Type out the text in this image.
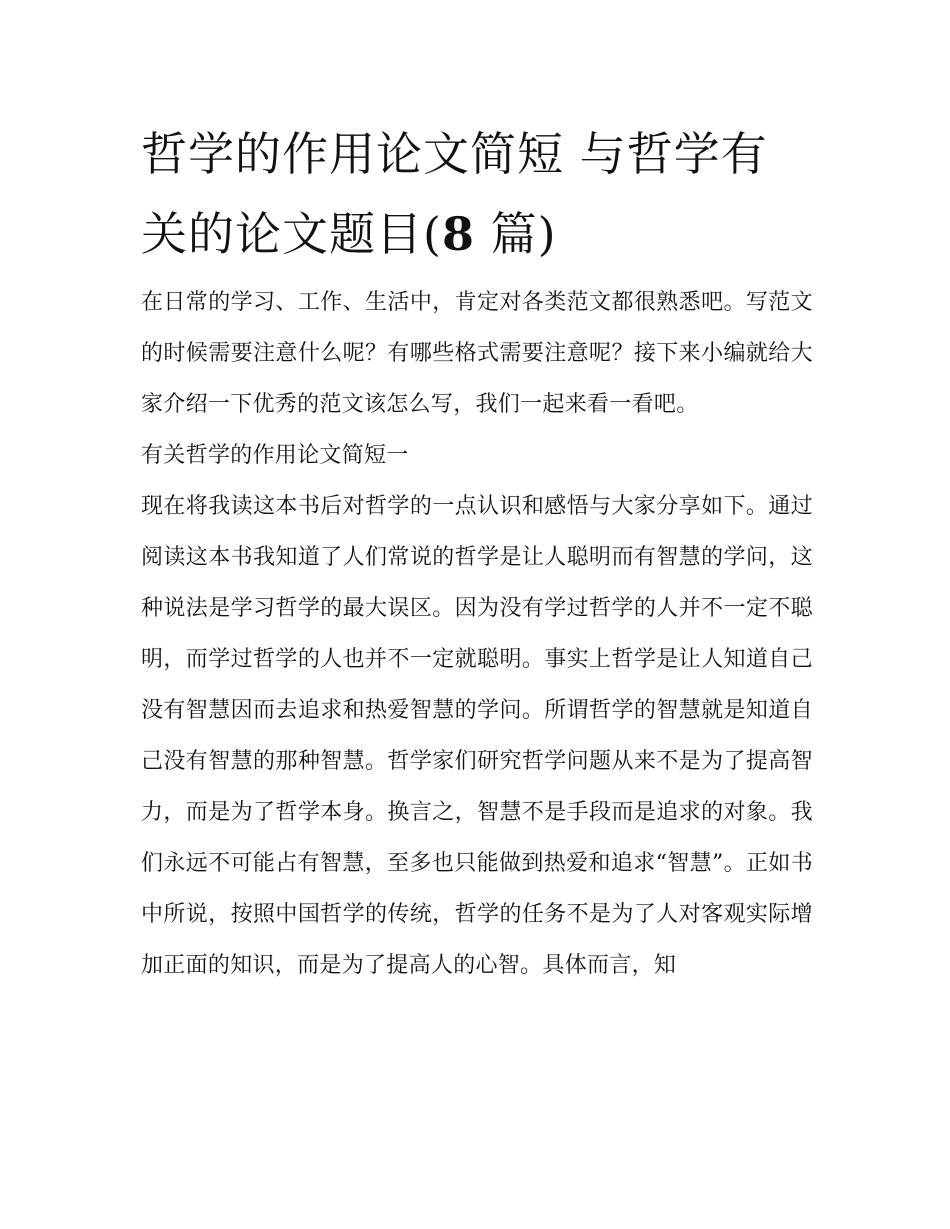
哲学的作用论文简短 与哲学有
关的论文题目(8 篇)

在日常的学习、工作、生活中，肯定对各类范文都很熟悉吧。写范文的时候需要注意什么呢？有哪些格式需要注意呢？接下来小编就给大家介绍一下优秀的范文该怎么写，我们一起来看一看吧。

有关哲学的作用论文简短一

现在将我读这本书后对哲学的一点认识和感悟与大家分享如下。通过阅读这本书我知道了人们常说的哲学是让人聪明而有智慧的学问，这种说法是学习哲学的最大误区。因为没有学过哲学的人并不一定不聪明，而学过哲学的人也并不一定就聪明。事实上哲学是让人知道自己没有智慧因而去追求和热爱智慧的学问。所谓哲学的智慧就是知道自己没有智慧的那种智慧。哲学家们研究哲学问题从来不是为了提高智力，而是为了哲学本身。换言之，智慧不是手段而是追求的对象。我们永远不可能占有智慧，至多也只能做到热爱和追求“智慧”。正如书中所说，按照中国哲学的传统，哲学的任务不是为了人对客观实际增加正面的知识，而是为了提高人的心智。具体而言，知
